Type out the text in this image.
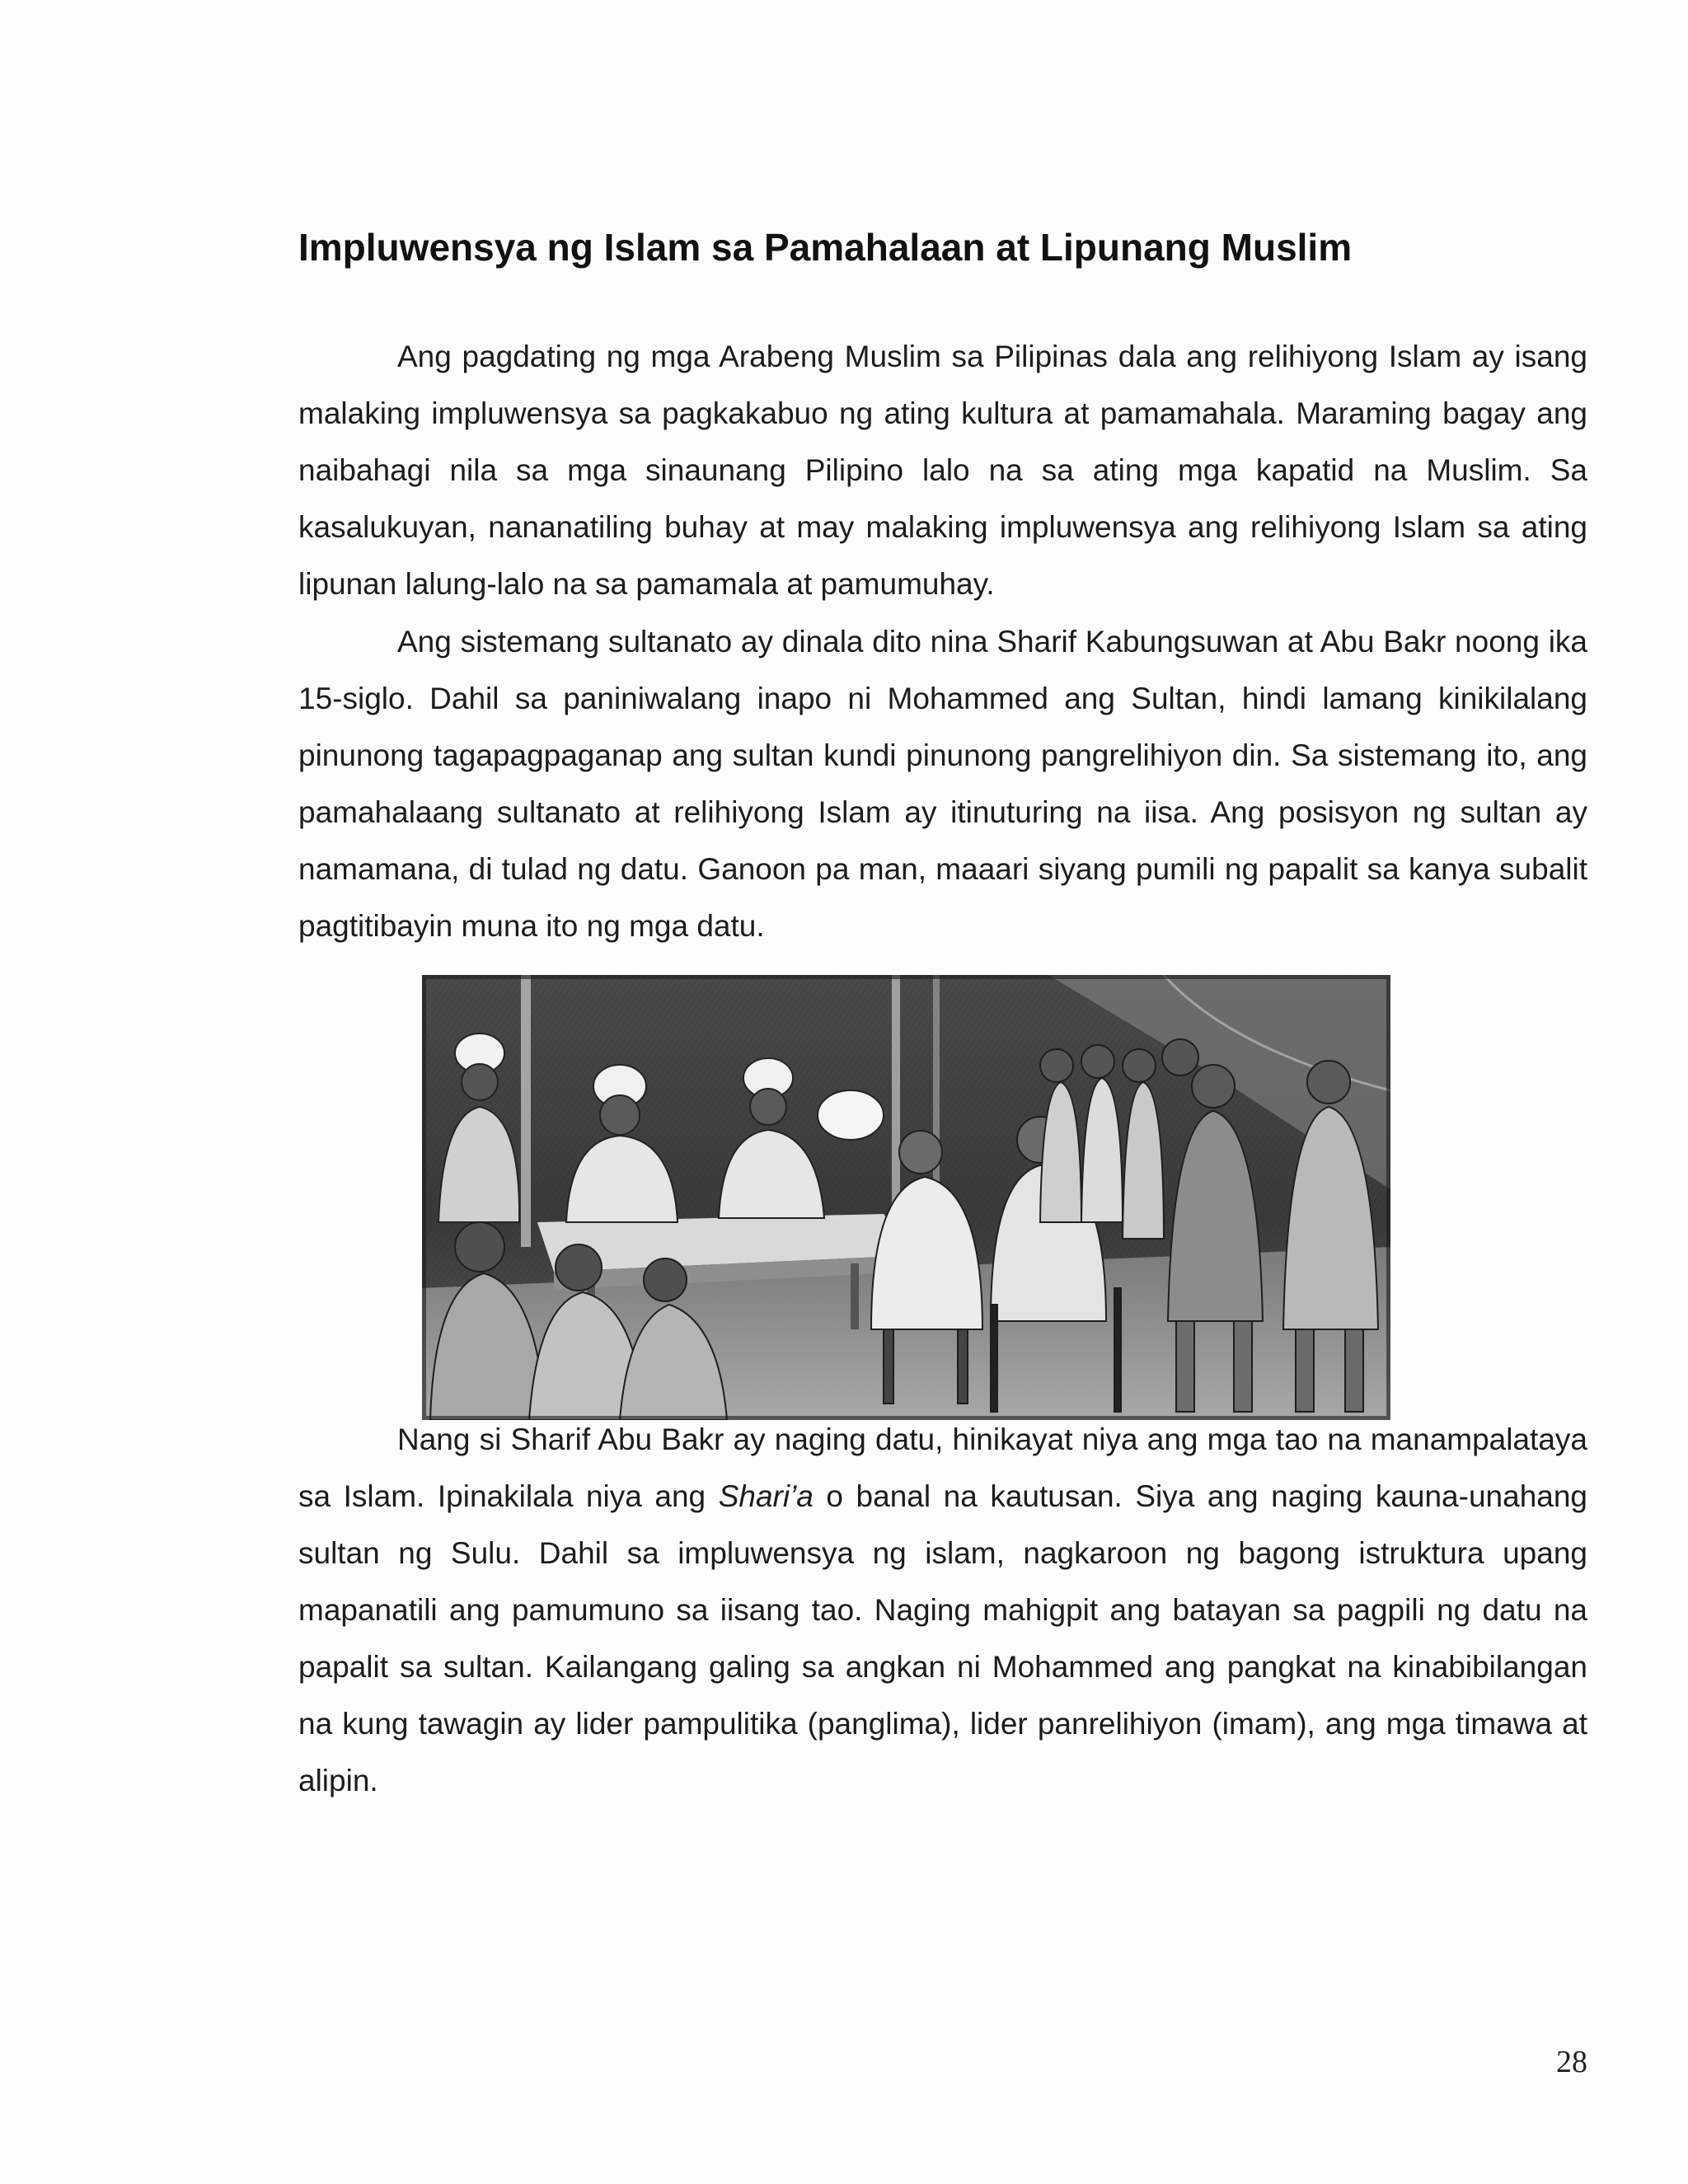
Impluwensya ng Islam sa Pamahalaan at Lipunang Muslim

Ang pagdating ng mga Arabeng Muslim sa Pilipinas dala ang relihiyong Islam ay isang malaking impluwensya sa pagkakabuo ng ating kultura at pamamahala. Maraming bagay ang naibahagi nila sa mga sinaunang Pilipino lalo na sa ating mga kapatid na Muslim. Sa kasalukuyan, nananatiling buhay at may malaking impluwensya ang relihiyong Islam sa ating lipunan lalung-lalo na sa pamamala at pamumuhay.

Ang sistemang sultanato ay dinala dito nina Sharif Kabungsuwan at Abu Bakr noong ika 15-siglo. Dahil sa paniniwalang inapo ni Mohammed ang Sultan, hindi lamang kinikilalang pinunong tagapagpaganap ang sultan kundi pinunong pangrelihiyon din. Sa sistemang ito, ang pamahalaang sultanato at relihiyong Islam ay itinuturing na iisa. Ang posisyon ng sultan ay namamana, di tulad ng datu. Ganoon pa man, maaari siyang pumili ng papalit sa kanya subalit pagtitibayin muna ito ng mga datu.

Nang si Sharif Abu Bakr ay naging datu, hinikayat niya ang mga tao na manampalataya sa Islam. Ipinakilala niya ang Shari’a o banal na kautusan. Siya ang naging kauna-unahang sultan ng Sulu. Dahil sa impluwensya ng islam, nagkaroon ng bagong istruktura upang mapanatili ang pamumuno sa iisang tao. Naging mahigpit ang batayan sa pagpili ng datu na papalit sa sultan. Kailangang galing sa angkan ni Mohammed ang pangkat na kinabibilangan na kung tawagin ay lider pampulitika (panglima), lider panrelihiyon (imam), ang mga timawa at alipin.

28
